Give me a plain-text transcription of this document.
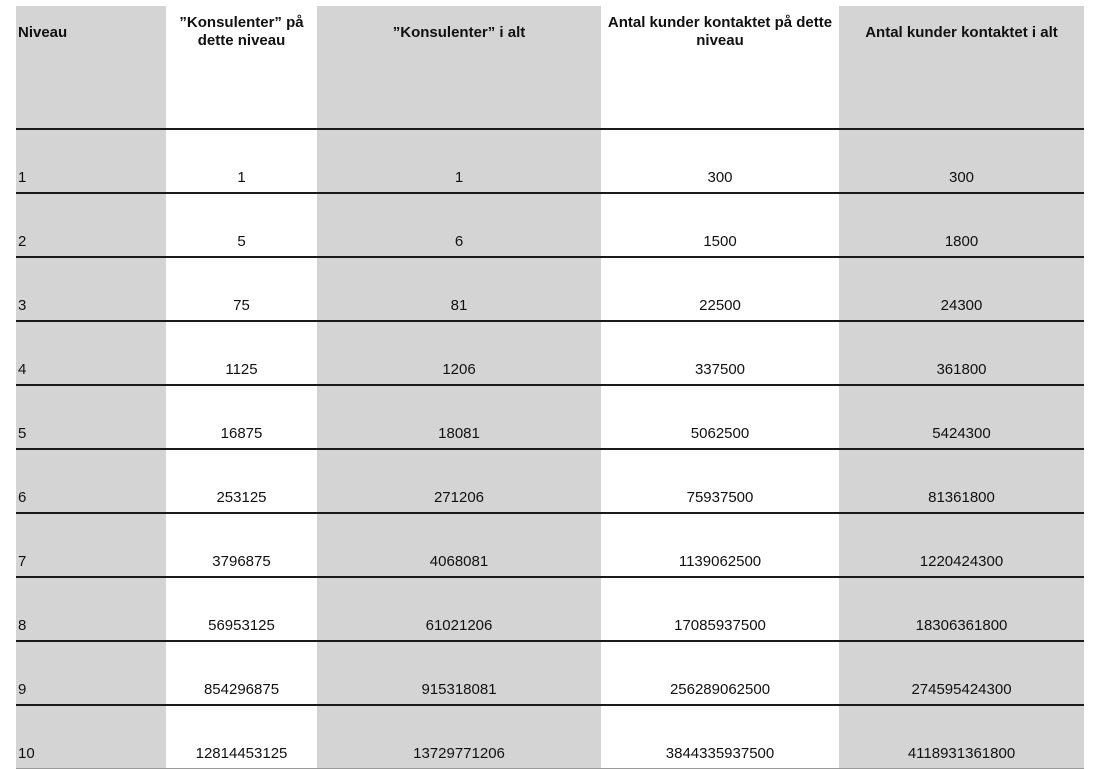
Niveau	”Konsulenter” på dette niveau	”Konsulenter” i alt	Antal kunder kontaktet på dette niveau	Antal kunder kontaktet i alt
1	1	1	300	300
2	5	6	1500	1800
3	75	81	22500	24300
4	1125	1206	337500	361800
5	16875	18081	5062500	5424300
6	253125	271206	75937500	81361800
7	3796875	4068081	1139062500	1220424300
8	56953125	61021206	17085937500	18306361800
9	854296875	915318081	256289062500	274595424300
10	12814453125	13729771206	3844335937500	4118931361800
